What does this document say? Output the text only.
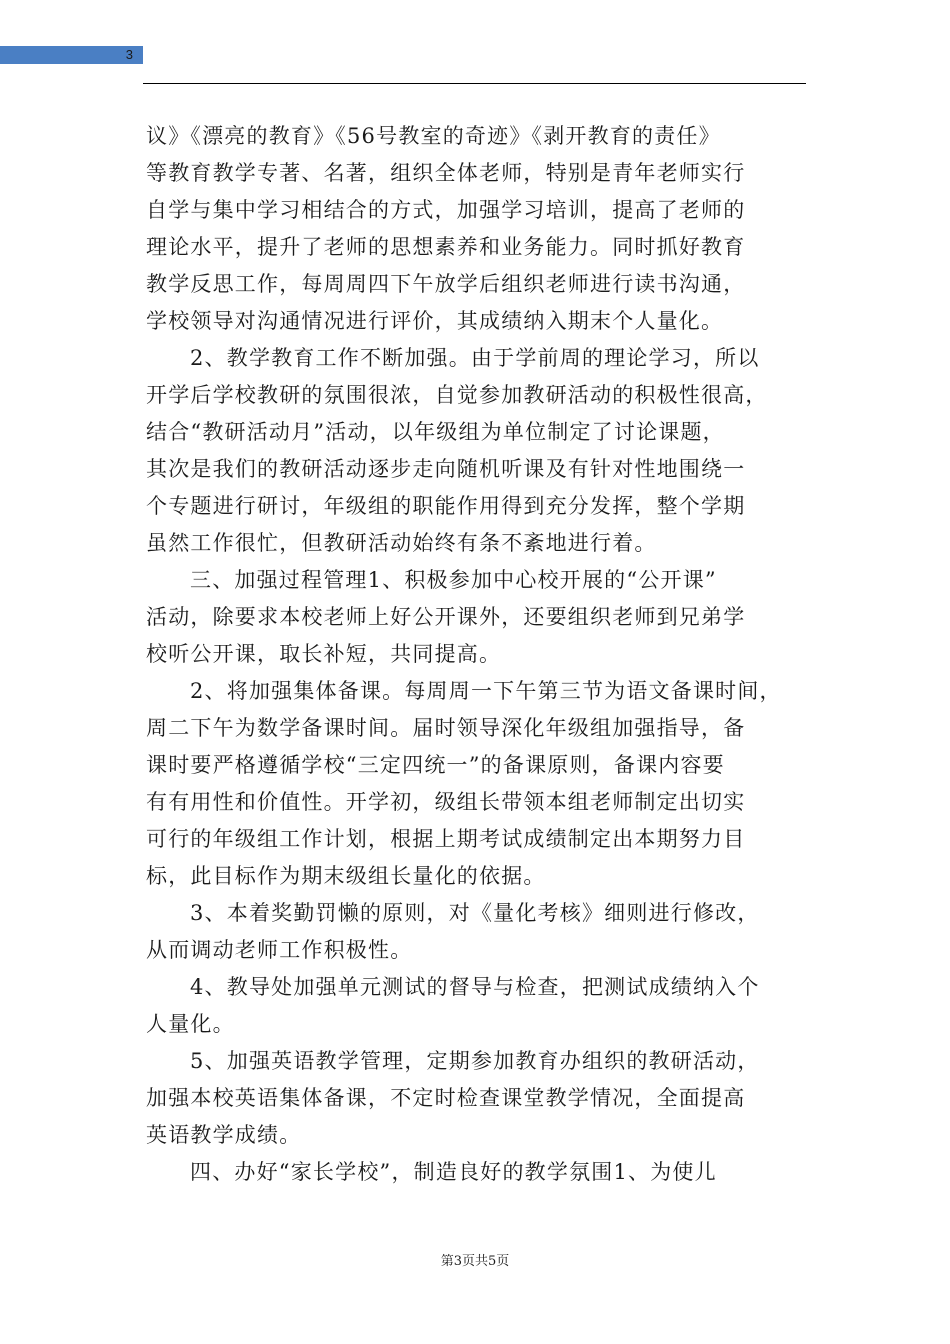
3
议》《漂亮的教育》《56号教室的奇迹》《剥开教育的责任》
等教育教学专著、名著，组织全体老师，特别是青年老师实行
自学与集中学习相结合的方式，加强学习培训，提高了老师的
理论水平，提升了老师的思想素养和业务能力。同时抓好教育
教学反思工作，每周周四下午放学后组织老师进行读书沟通，
学校领导对沟通情况进行评价，其成绩纳入期末个人量化。
2、教学教育工作不断加强。由于学前周的理论学习，所以
开学后学校教研的氛围很浓，自觉参加教研活动的积极性很高，
结合“教研活动月”活动，以年级组为单位制定了讨论课题，
其次是我们的教研活动逐步走向随机听课及有针对性地围绕一
个专题进行研讨，年级组的职能作用得到充分发挥，整个学期
虽然工作很忙，但教研活动始终有条不紊地进行着。
三、加强过程管理1、积极参加中心校开展的“公开课”
活动，除要求本校老师上好公开课外，还要组织老师到兄弟学
校听公开课，取长补短，共同提高。
2、将加强集体备课。每周周一下午第三节为语文备课时间，
周二下午为数学备课时间。届时领导深化年级组加强指导，备
课时要严格遵循学校“三定四统一”的备课原则，备课内容要
有有用性和价值性。开学初，级组长带领本组老师制定出切实
可行的年级组工作计划，根据上期考试成绩制定出本期努力目
标，此目标作为期末级组长量化的依据。
3、本着奖勤罚懒的原则，对《量化考核》细则进行修改，
从而调动老师工作积极性。
4、教导处加强单元测试的督导与检查，把测试成绩纳入个
人量化。
5、加强英语教学管理，定期参加教育办组织的教研活动，
加强本校英语集体备课，不定时检查课堂教学情况，全面提高
英语教学成绩。
四、办好“家长学校”，制造良好的教学氛围1、为使儿
第3页共5页
